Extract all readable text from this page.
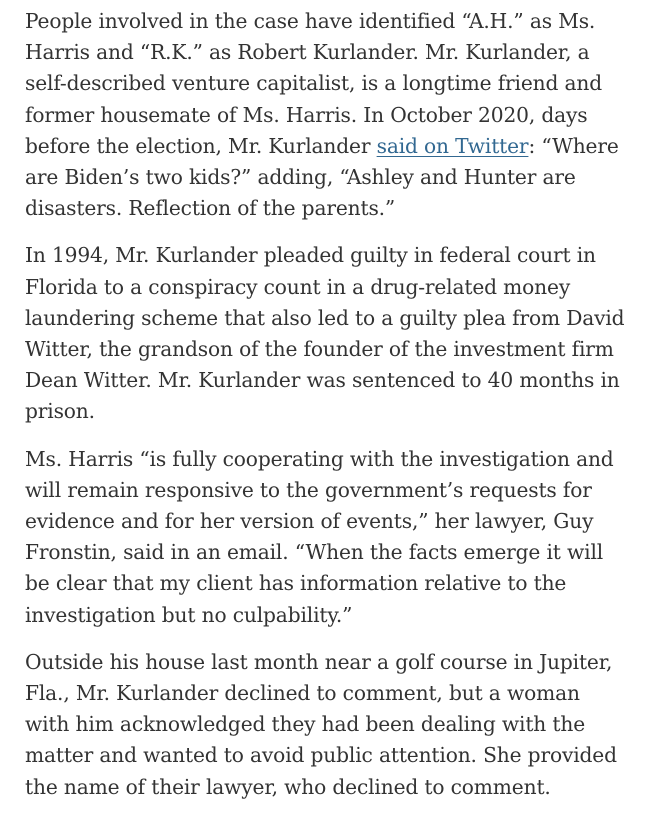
People involved in the case have identified “A.H.” as Ms. Harris and “R.K.” as Robert Kurlander. Mr. Kurlander, a self-described venture capitalist, is a longtime friend and former housemate of Ms. Harris. In October 2020, days before the election, Mr. Kurlander said on Twitter: “Where are Biden’s two kids?” adding, “Ashley and Hunter are disasters. Reflection of the parents.”

In 1994, Mr. Kurlander pleaded guilty in federal court in Florida to a conspiracy count in a drug-related money laundering scheme that also led to a guilty plea from David Witter, the grandson of the founder of the investment firm Dean Witter. Mr. Kurlander was sentenced to 40 months in prison.

Ms. Harris “is fully cooperating with the investigation and will remain responsive to the government’s requests for evidence and for her version of events,” her lawyer, Guy Fronstin, said in an email. “When the facts emerge it will be clear that my client has information relative to the investigation but no culpability.”

Outside his house last month near a golf course in Jupiter, Fla., Mr. Kurlander declined to comment, but a woman with him acknowledged they had been dealing with the matter and wanted to avoid public attention. She provided the name of their lawyer, who declined to comment.
